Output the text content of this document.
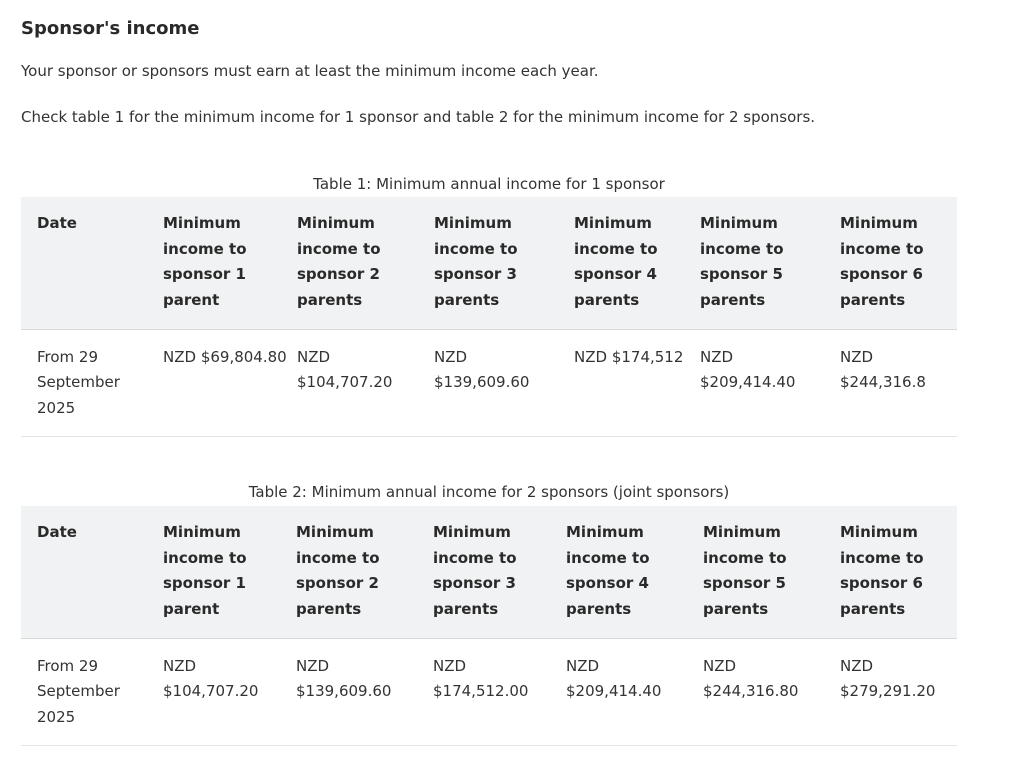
Sponsor's income

Your sponsor or sponsors must earn at least the minimum income each year.

Check table 1 for the minimum income for 1 sponsor and table 2 for the minimum income for 2 sponsors.

Table 1: Minimum annual income for 1 sponsor
Date	Minimum income to sponsor 1 parent	Minimum income to sponsor 2 parents	Minimum income to sponsor 3 parents	Minimum income to sponsor 4 parents	Minimum income to sponsor 5 parents	Minimum income to sponsor 6 parents
From 29 September 2025	NZD $69,804.80	NZD $104,707.20	NZD $139,609.60	NZD $174,512	NZD $209,414.40	NZD $244,316.8
Table 2: Minimum annual income for 2 sponsors (joint sponsors)
Date	Minimum income to sponsor 1 parent	Minimum income to sponsor 2 parents	Minimum income to sponsor 3 parents	Minimum income to sponsor 4 parents	Minimum income to sponsor 5 parents	Minimum income to sponsor 6 parents
From 29 September 2025	NZD $104,707.20	NZD $139,609.60	NZD $174,512.00	NZD $209,414.40	NZD $244,316.80	NZD $279,291.20
